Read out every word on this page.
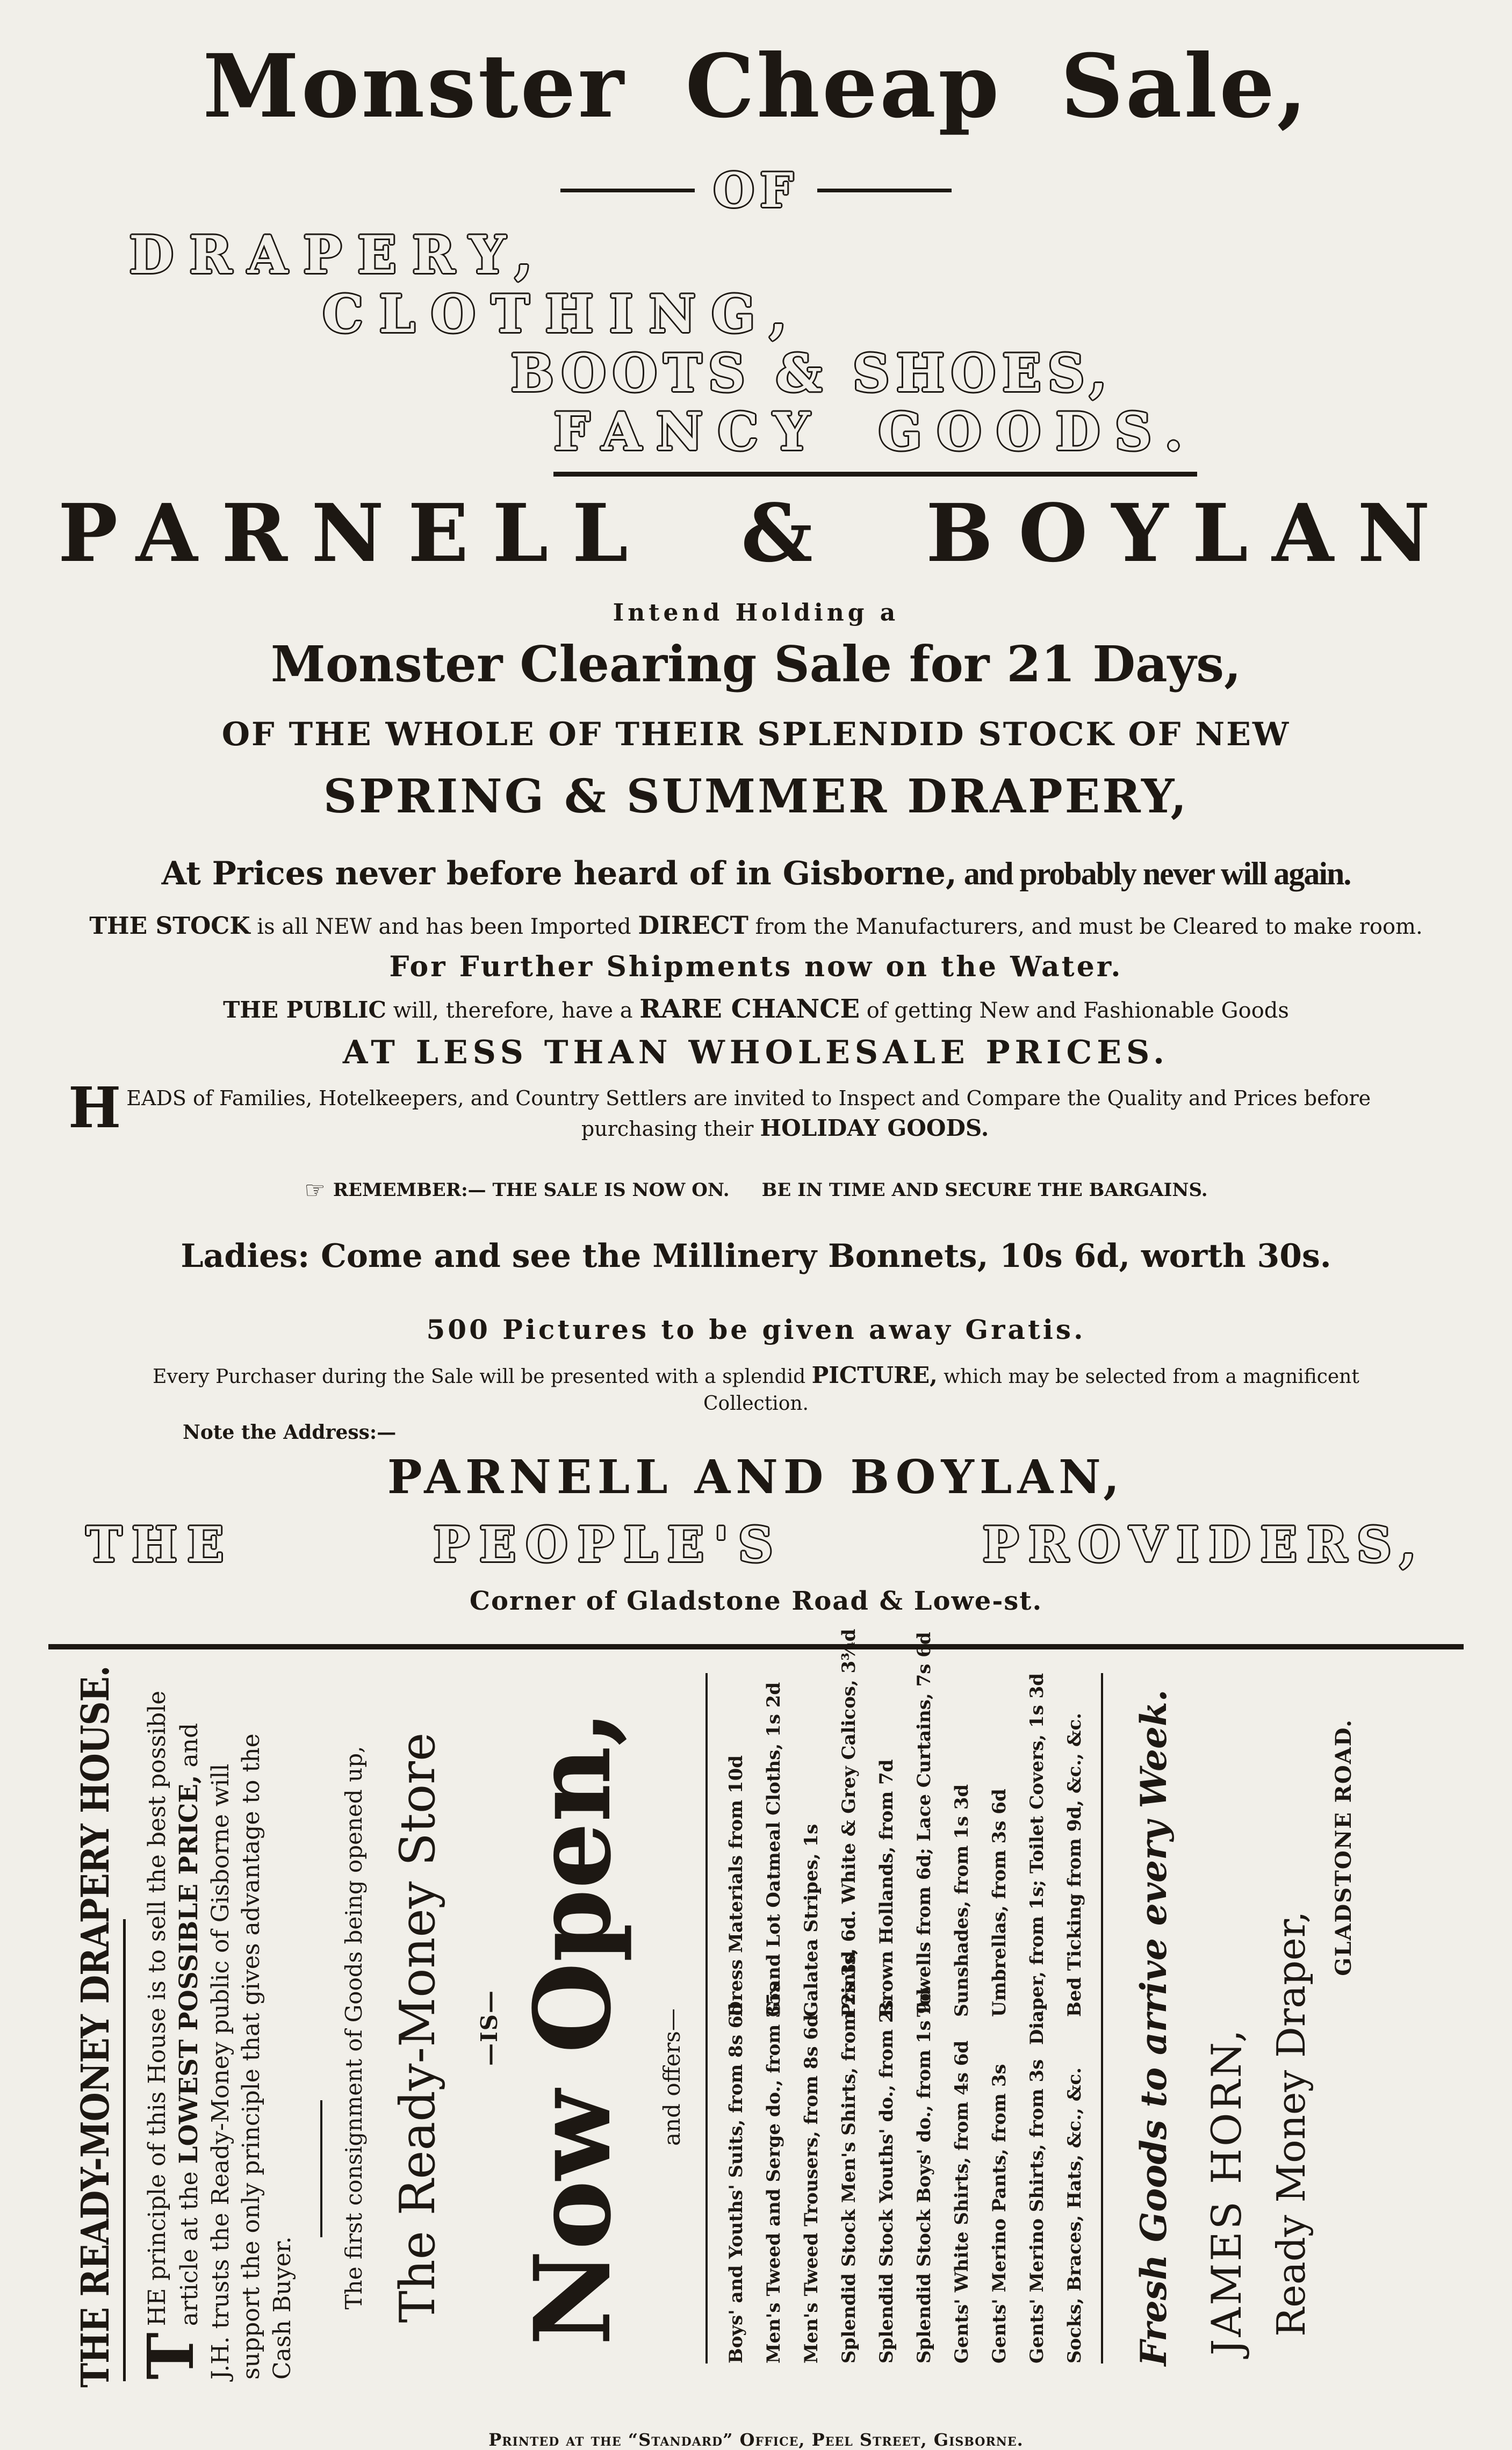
Monster Cheap Sale,
OF
DRAPERY,
CLOTHING,
BOOTS & SHOES,
FANCY GOODS.
PARNELL & BOYLAN
Intend Holding a
Monster Clearing Sale for 21 Days,
OF THE WHOLE OF THEIR SPLENDID STOCK OF NEW
SPRING & SUMMER DRAPERY,
At Prices never before heard of in Gisborne, and probably never will again.
THE STOCK is all NEW and has been Imported DIRECT from the Manufacturers, and must be Cleared to make room.
For Further Shipments now on the Water.
THE PUBLIC will, therefore, have a RARE CHANCE of getting New and Fashionable Goods
AT LESS THAN WHOLESALE PRICES.
H EADS of Families, Hotelkeepers, and Country Settlers are invited to Inspect and Compare the Quality and Prices before
purchasing their HOLIDAY GOODS.
☞ REMEMBER:— THE SALE IS NOW ON. BE IN TIME AND SECURE THE BARGAINS.
Ladies: Come and see the Millinery Bonnets, 10s 6d, worth 30s.
500 Pictures to be given away Gratis.
Every Purchaser during the Sale will be presented with a splendid PICTURE, which may be selected from a magnificent
Collection.
Note the Address:—
PARNELL AND BOYLAN,
THE	PEOPLE'S	PROVIDERS,
Corner of Gladstone Road & Lowe-st.
THE READY-MONEY DRAPERY HOUSE. T
HE principle of this House is to sell the best possible article at the LOWEST POSSIBLE PRICE, and J.H. trusts the Ready-Money public of Gisborne will support the only principle that gives advantage to the Cash Buyer. The first consignment of Goods being opened up, The Ready-Money Store —IS— Now Open, and offers— Boys' and Youths' Suits, from 8s 6d
Dress Materials from 10d
Men's Tweed and Serge do., from 35s
Grand Lot Oatmeal Cloths, 1s 2d
Men's Tweed Trousers, from 8s 6d
Galatea Stripes, 1s
Splendid Stock Men's Shirts, from 2s 3d
Prints, 6d. White & Grey Calicos, 3¾d
Splendid Stock Youths' do., from 2s
Brown Hollands, from 7d
Splendid Stock Boys' do., from 1s 9d
Towells from 6d; Lace Curtains, 7s 6d
Gents' White Shirts, from 4s 6d
Sunshades, from 1s 3d
Gents' Merino Pants, from 3s
Umbrellas, from 3s 6d
Gents' Merino Shirts, from 3s
Diaper, from 1s; Toilet Covers, 1s 3d
Socks, Braces, Hats, &c., &c.
Bed Ticking from 9d, &c., &c. Fresh Goods to arrive every Week. JAMES HORN, Ready Money Draper,
GLADSTONE ROAD.
Printed at the “Standard” Office, Peel Street, Gisborne.
